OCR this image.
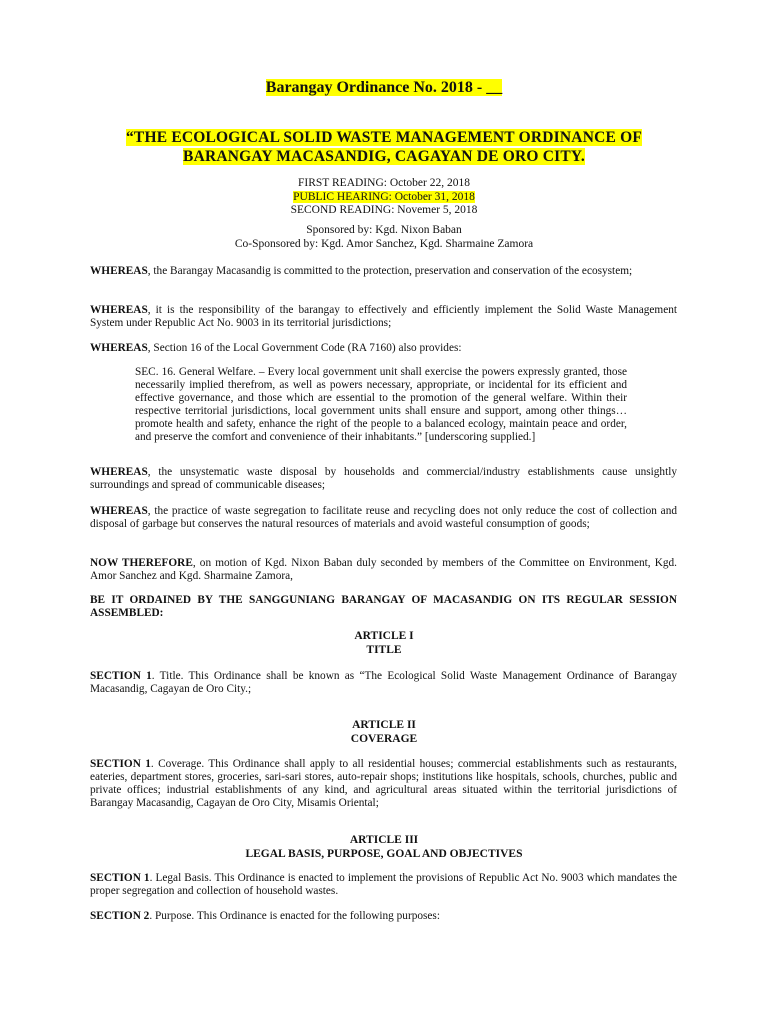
Barangay Ordinance No. 2018 - __
“THE ECOLOGICAL SOLID WASTE MANAGEMENT ORDINANCE OF
BARANGAY MACASANDIG, CAGAYAN DE ORO CITY.
FIRST READING: October 22, 2018
PUBLIC HEARING: October 31, 2018
SECOND READING: Novemer 5, 2018
Sponsored by: Kgd. Nixon Baban
Co-Sponsored by: Kgd. Amor Sanchez, Kgd. Sharmaine Zamora
WHEREAS, the Barangay Macasandig is committed to the protection, preservation and conservation of the ecosystem;
WHEREAS, it is the responsibility of the barangay to effectively and efficiently implement the Solid Waste Management System under Republic Act No. 9003 in its territorial jurisdictions;
WHEREAS, Section 16 of the Local Government Code (RA 7160) also provides:
SEC. 16. General Welfare. – Every local government unit shall exercise the powers expressly granted, those necessarily implied therefrom, as well as powers necessary, appropriate, or incidental for its efficient and effective governance, and those which are essential to the promotion of the general welfare. Within their respective territorial jurisdictions, local government units shall ensure and support, among other things… promote health and safety, enhance the right of the people to a balanced ecology, maintain peace and order, and preserve the comfort and convenience of their inhabitants.” [underscoring supplied.]
WHEREAS, the unsystematic waste disposal by households and commercial/industry establishments cause unsightly surroundings and spread of communicable diseases;
WHEREAS, the practice of waste segregation to facilitate reuse and recycling does not only reduce the cost of collection and disposal of garbage but conserves the natural resources of materials and avoid wasteful consumption of goods;
NOW THEREFORE, on motion of Kgd. Nixon Baban duly seconded by members of the Committee on Environment, Kgd. Amor Sanchez and Kgd. Sharmaine Zamora,
BE IT ORDAINED BY THE SANGGUNIANG BARANGAY OF MACASANDIG ON ITS REGULAR SESSION ASSEMBLED:
ARTICLE I
TITLE
SECTION 1. Title. This Ordinance shall be known as “The Ecological Solid Waste Management Ordinance of Barangay Macasandig, Cagayan de Oro City.;
ARTICLE II
COVERAGE
SECTION 1. Coverage. This Ordinance shall apply to all residential houses; commercial establishments such as restaurants, eateries, department stores, groceries, sari-sari stores, auto-repair shops; institutions like hospitals, schools, churches, public and private offices; industrial establishments of any kind, and agricultural areas situated within the territorial jurisdictions of Barangay Macasandig, Cagayan de Oro City, Misamis Oriental;
ARTICLE III
LEGAL BASIS, PURPOSE, GOAL AND OBJECTIVES
SECTION 1. Legal Basis. This Ordinance is enacted to implement the provisions of Republic Act No. 9003 which mandates the proper segregation and collection of household wastes.
SECTION 2. Purpose. This Ordinance is enacted for the following purposes:
